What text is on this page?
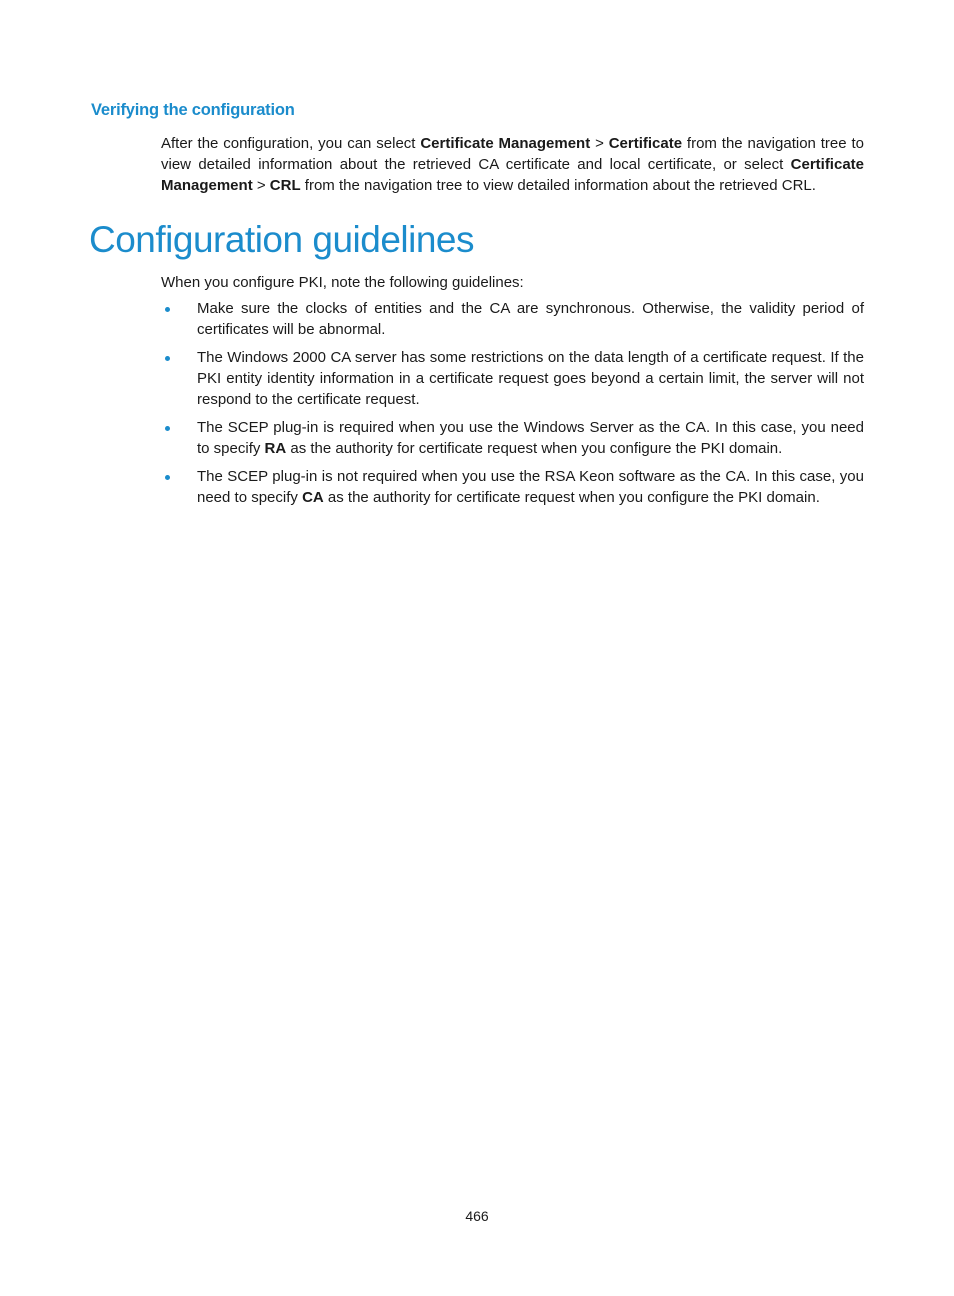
Verifying the configuration

After the configuration, you can select Certificate Management > Certificate from the navigation tree to view detailed information about the retrieved CA certificate and local certificate, or select Certificate Management > CRL from the navigation tree to view detailed information about the retrieved CRL.

Configuration guidelines

When you configure PKI, note the following guidelines:

Make sure the clocks of entities and the CA are synchronous. Otherwise, the validity period of certificates will be abnormal.
The Windows 2000 CA server has some restrictions on the data length of a certificate request. If the PKI entity identity information in a certificate request goes beyond a certain limit, the server will not respond to the certificate request.
The SCEP plug-in is required when you use the Windows Server as the CA. In this case, you need to specify RA as the authority for certificate request when you configure the PKI domain.
The SCEP plug-in is not required when you use the RSA Keon software as the CA. In this case, you need to specify CA as the authority for certificate request when you configure the PKI domain.
466
